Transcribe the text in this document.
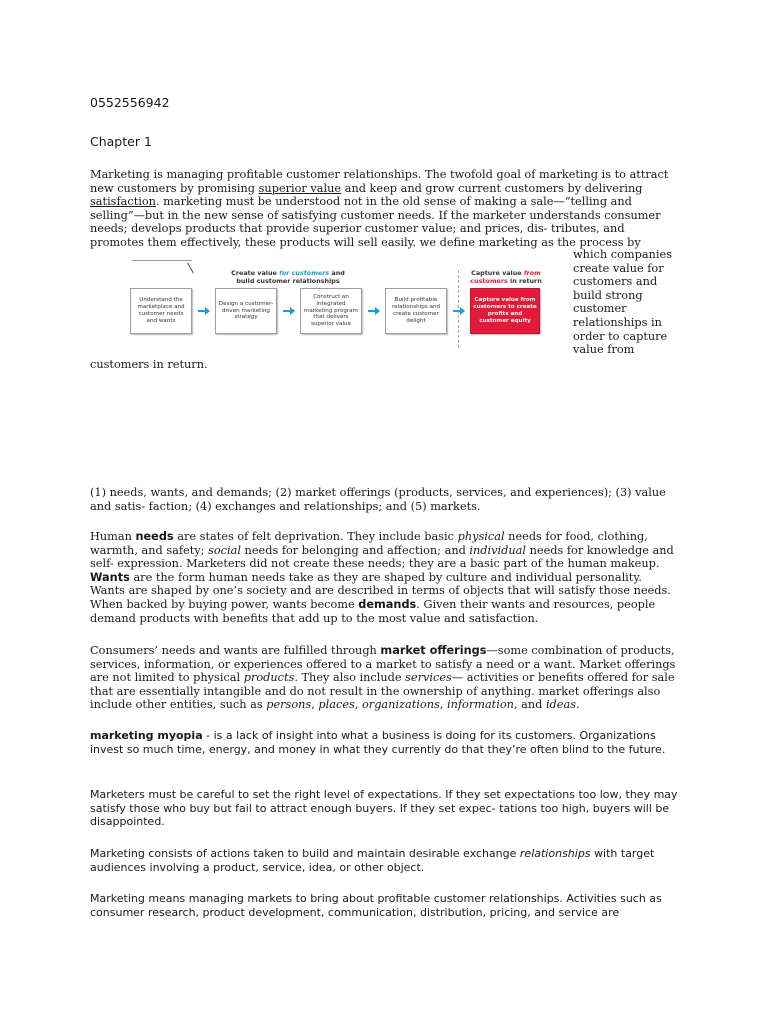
0552556942
Chapter 1

Marketing is managing profitable customer relationships. The twofold goal of marketing is to attract new customers by promising superior value and keep and grow current customers by delivering satisfaction. marketing must be understood not in the old sense of making a sale—“telling and selling”—but in the new sense of satisfying customer needs. If the marketer understands consumer needs; develops products that provide superior customer value; and prices, dis- tributes, and promotes them effectively, these products will sell easily. we define marketing as the process by

which companies
create value for
customers and
build strong
customer
relationships in
order to capture
value from
customers in return.
Create value for customers and
build customer relationships
Capture value from
customers in return
Understand the marketplace and customer needs and wants
Design a customer-driven marketing strategy
Construct an integrated marketing program that delivers superior value
Build profitable relationships and create customer delight
Capture value from customers to create profits and customer equity
(1) needs, wants, and demands; (2) market offerings (products, services, and experiences); (3) value and satis- faction; (4) exchanges and relationships; and (5) markets.

Human needs are states of felt deprivation. They include basic physical needs for food, clothing, warmth, and safety; social needs for belonging and affection; and individual needs for knowledge and self- expression. Marketers did not create these needs; they are a basic part of the human makeup. Wants are the form human needs take as they are shaped by culture and individual personality. Wants are shaped by one’s society and are described in terms of objects that will satisfy those needs. When backed by buying power, wants become demands. Given their wants and resources, people demand products with benefits that add up to the most value and satisfaction.

Consumers’ needs and wants are fulfilled through market offerings—some combination of products, services, information, or experiences offered to a market to satisfy a need or a want. Market offerings are not limited to physical products. They also include services— activities or benefits offered for sale that are essentially intangible and do not result in the ownership of anything. market offerings also include other entities, such as persons, places, organizations, information, and ideas.

marketing myopia - is a lack of insight into what a business is doing for its customers. Organizations invest so much time, energy, and money in what they currently do that they’re often blind to the future.

Marketers must be careful to set the right level of expectations. If they set expectations too low, they may satisfy those who buy but fail to attract enough buyers. If they set expec- tations too high, buyers will be disappointed.

Marketing consists of actions taken to build and maintain desirable exchange relationships with target audiences involving a product, service, idea, or other object.

Marketing means managing markets to bring about profitable customer relationships. Activities such as consumer research, product development, communication, distribution, pricing, and service are
